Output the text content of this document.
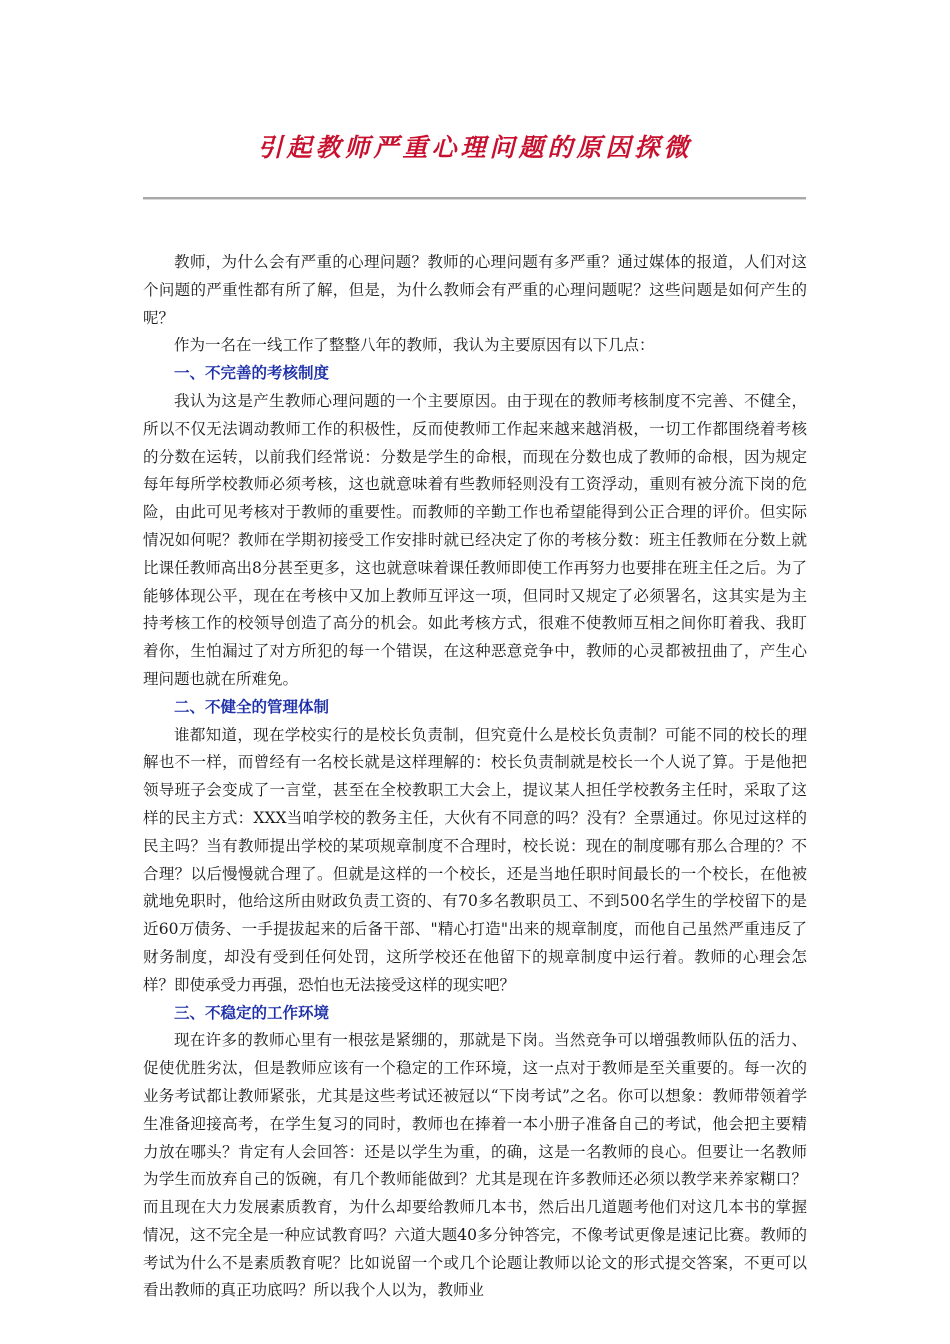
引起教师严重心理问题的原因探微

教师，为什么会有严重的心理问题？教师的心理问题有多严重？通过媒体的报道，人们对这个问题的严重性都有所了解，但是，为什么教师会有严重的心理问题呢？这些问题是如何产生的呢？

作为一名在一线工作了整整八年的教师，我认为主要原因有以下几点：

一、不完善的考核制度

我认为这是产生教师心理问题的一个主要原因。由于现在的教师考核制度不完善、不健全，所以不仅无法调动教师工作的积极性，反而使教师工作起来越来越消极，一切工作都围绕着考核的分数在运转，以前我们经常说：分数是学生的命根，而现在分数也成了教师的命根，因为规定每年每所学校教师必须考核，这也就意味着有些教师轻则没有工资浮动，重则有被分流下岗的危险，由此可见考核对于教师的重要性。而教师的辛勤工作也希望能得到公正合理的评价。但实际情况如何呢？教师在学期初接受工作安排时就已经决定了你的考核分数：班主任教师在分数上就比课任教师高出8分甚至更多，这也就意味着课任教师即使工作再努力也要排在班主任之后。为了能够体现公平，现在在考核中又加上教师互评这一项，但同时又规定了必须署名，这其实是为主持考核工作的校领导创造了高分的机会。如此考核方式，很难不使教师互相之间你盯着我、我盯着你，生怕漏过了对方所犯的每一个错误，在这种恶意竞争中，教师的心灵都被扭曲了，产生心理问题也就在所难免。

二、不健全的管理体制

谁都知道，现在学校实行的是校长负责制，但究竟什么是校长负责制？可能不同的校长的理解也不一样，而曾经有一名校长就是这样理解的：校长负责制就是校长一个人说了算。于是他把领导班子会变成了一言堂，甚至在全校教职工大会上，提议某人担任学校教务主任时，采取了这样的民主方式：XXX当咱学校的教务主任，大伙有不同意的吗？没有？全票通过。你见过这样的民主吗？当有教师提出学校的某项规章制度不合理时，校长说：现在的制度哪有那么合理的？不合理？以后慢慢就合理了。但就是这样的一个校长，还是当地任职时间最长的一个校长，在他被就地免职时，他给这所由财政负责工资的、有70多名教职员工、不到500名学生的学校留下的是近60万债务、一手提拔起来的后备干部、"精心打造"出来的规章制度，而他自己虽然严重违反了财务制度，却没有受到任何处罚，这所学校还在他留下的规章制度中运行着。教师的心理会怎样？即使承受力再强，恐怕也无法接受这样的现实吧？

三、不稳定的工作环境

现在许多的教师心里有一根弦是紧绷的，那就是下岗。当然竞争可以增强教师队伍的活力、促使优胜劣汰，但是教师应该有一个稳定的工作环境，这一点对于教师是至关重要的。每一次的业务考试都让教师紧张，尤其是这些考试还被冠以“下岗考试”之名。你可以想象：教师带领着学生准备迎接高考，在学生复习的同时，教师也在捧着一本小册子准备自己的考试，他会把主要精力放在哪头？肯定有人会回答：还是以学生为重，的确，这是一名教师的良心。但要让一名教师为学生而放弃自己的饭碗，有几个教师能做到？尤其是现在许多教师还必须以教学来养家糊口？而且现在大力发展素质教育，为什么却要给教师几本书，然后出几道题考他们对这几本书的掌握情况，这不完全是一种应试教育吗？六道大题40多分钟答完，不像考试更像是速记比赛。教师的考试为什么不是素质教育呢？比如说留一个或几个论题让教师以论文的形式提交答案，不更可以看出教师的真正功底吗？所以我个人以为，教师业
